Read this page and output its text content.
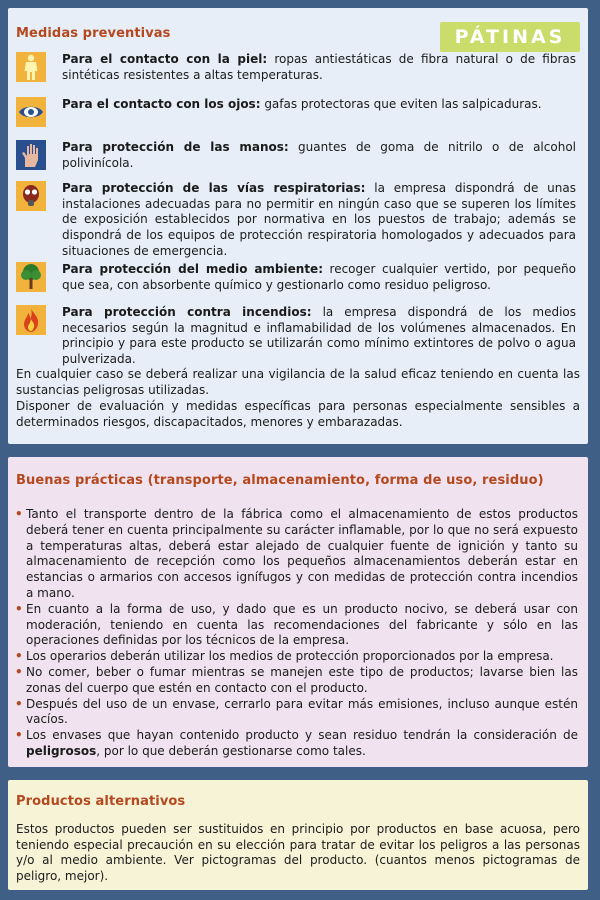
Medidas preventivas	PÁTINAS
Para el contacto con la piel: ropas antiestáticas de fibra natural o de fibras sintéticas resistentes a altas temperaturas.
Para el contacto con los ojos: gafas protectoras que eviten las salpicaduras.
Para protección de las manos: guantes de goma de nitrilo o de alcohol polivinícola.
Para protección de las vías respiratorias: la empresa dispondrá de unas instalaciones adecuadas para no permitir en ningún caso que se superen los límites de exposición establecidos por normativa en los puestos de trabajo; además se dispondrá de los equipos de protección respiratoria homologados y adecuados para situaciones de emergencia.
Para protección del medio ambiente: recoger cualquier vertido, por pequeño que sea, con absorbente químico y gestionarlo como residuo peligroso.
Para protección contra incendios: la empresa dispondrá de los medios necesarios según la magnitud e inflamabilidad de los volúmenes almacenados. En principio y para este producto se utilizarán como mínimo extintores de polvo o agua pulverizada.
En cualquier caso se deberá realizar una vigilancia de la salud eficaz teniendo en cuenta las sustancias peligrosas utilizadas.
Disponer de evaluación y medidas específicas para personas especialmente sensibles a determinados riesgos, discapacitados, menores y embarazadas.
Buenas prácticas (transporte, almacenamiento, forma de uso, residuo)
• Tanto el transporte dentro de la fábrica como el almacenamiento de estos productos deberá tener en cuenta principalmente su carácter inflamable, por lo que no será expuesto a temperaturas altas, deberá estar alejado de cualquier fuente de ignición y tanto su almacenamiento de recepción como los pequeños almacenamientos deberán estar en estancias o armarios con accesos ignífugos y con medidas de protección contra incendios a mano.
• En cuanto a la forma de uso, y dado que es un producto nocivo, se deberá usar con moderación, teniendo en cuenta las recomendaciones del fabricante y sólo en las operaciones definidas por los técnicos de la empresa.
• Los operarios deberán utilizar los medios de protección proporcionados por la empresa.
• No comer, beber o fumar mientras se manejen este tipo de productos; lavarse bien las zonas del cuerpo que estén en contacto con el producto.
• Después del uso de un envase, cerrarlo para evitar más emisiones, incluso aunque estén vacíos.
• Los envases que hayan contenido producto y sean residuo tendrán la consideración de peligrosos, por lo que deberán gestionarse como tales.
Productos alternativos
Estos productos pueden ser sustituidos en principio por productos en base acuosa, pero teniendo especial precaución en su elección para tratar de evitar los peligros a las personas y/o al medio ambiente. Ver pictogramas del producto. (cuantos menos pictogramas de peligro, mejor).
